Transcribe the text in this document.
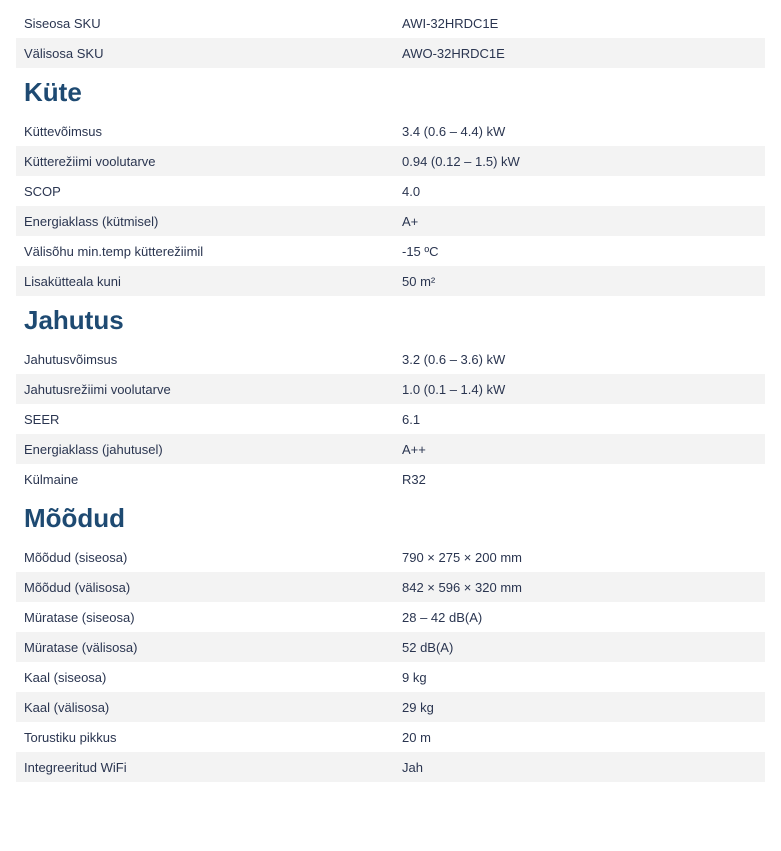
Siseosa SKU	AWI-32HRDC1E
Välisosa SKU	AWO-32HRDC1E
Küte
Küttevõimsus	3.4 (0.6 – 4.4) kW
Kütterežiimi voolutarve	0.94 (0.12 – 1.5) kW
SCOP	4.0
Energiaklass (kütmisel)	A+
Välisõhu min.temp kütterežiimil	-15 ºC
Lisakütteala kuni	50 m²
Jahutus
Jahutusvõimsus	3.2 (0.6 – 3.6) kW
Jahutusrežiimi voolutarve	1.0 (0.1 – 1.4) kW
SEER	6.1
Energiaklass (jahutusel)	A++
Külmaine	R32
Mõõdud
Mõõdud (siseosa)	790 × 275 × 200 mm
Mõõdud (välisosa)	842 × 596 × 320 mm
Müratase (siseosa)	28 – 42 dB(A)
Müratase (välisosa)	52 dB(A)
Kaal (siseosa)	9 kg
Kaal (välisosa)	29 kg
Torustiku pikkus	20 m
Integreeritud WiFi	Jah
